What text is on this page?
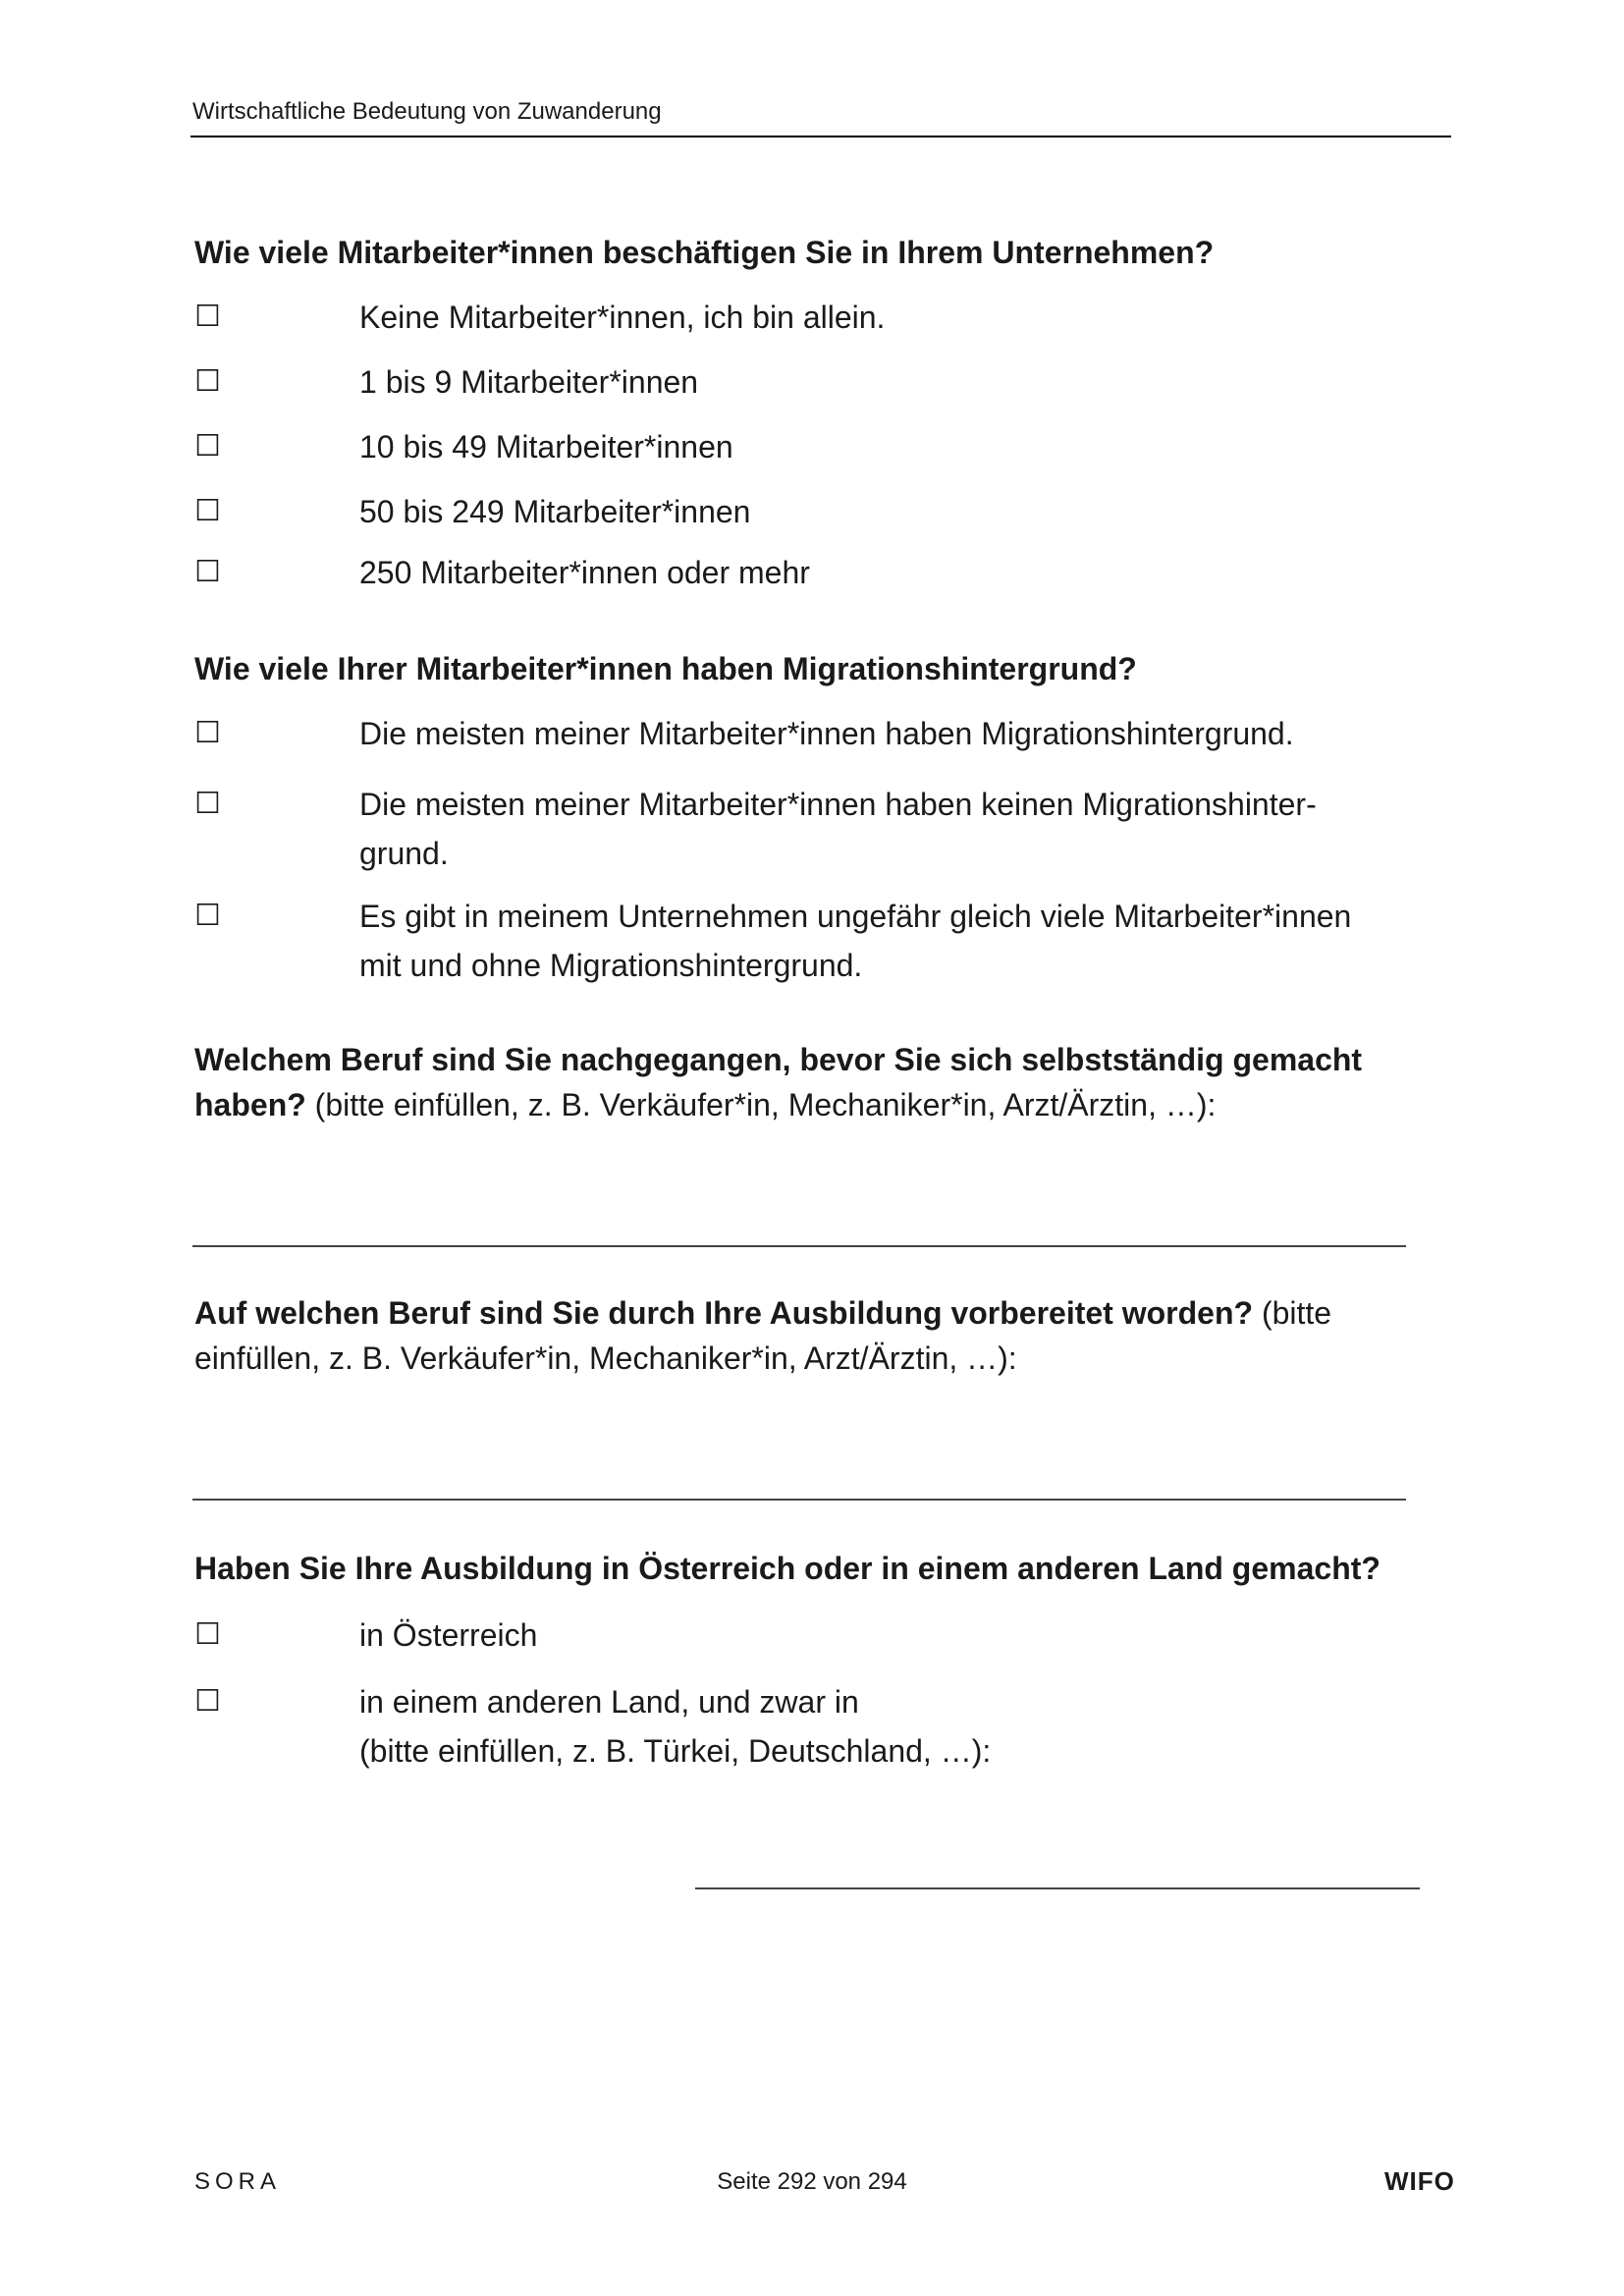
Wirtschaftliche Bedeutung von Zuwanderung

Wie viele Mitarbeiter*innen beschäftigen Sie in Ihrem Unternehmen?

☐	Keine Mitarbeiter*innen, ich bin allein.
☐	1 bis 9 Mitarbeiter*innen
☐	10 bis 49 Mitarbeiter*innen
☐	50 bis 249 Mitarbeiter*innen
☐	250 Mitarbeiter*innen oder mehr

Wie viele Ihrer Mitarbeiter*innen haben Migrationshintergrund?

☐	Die meisten meiner Mitarbeiter*innen haben Migrationshintergrund.
☐	Die meisten meiner Mitarbeiter*innen haben keinen Migrationshinter-
grund.
☐	Es gibt in meinem Unternehmen ungefähr gleich viele Mitarbeiter*innen
mit und ohne Migrationshintergrund.

Welchem Beruf sind Sie nachgegangen, bevor Sie sich selbstständig gemacht
haben? (bitte einfüllen, z. B. Verkäufer*in, Mechaniker*in, Arzt/Ärztin, …):

Auf welchen Beruf sind Sie durch Ihre Ausbildung vorbereitet worden? (bitte
einfüllen, z. B. Verkäufer*in, Mechaniker*in, Arzt/Ärztin, …):

Haben Sie Ihre Ausbildung in Österreich oder in einem anderen Land gemacht?

☐	in Österreich
☐	in einem anderen Land, und zwar in
(bitte einfüllen, z. B. Türkei, Deutschland, …):
SORA	Seite 292 von 294	WIFO
